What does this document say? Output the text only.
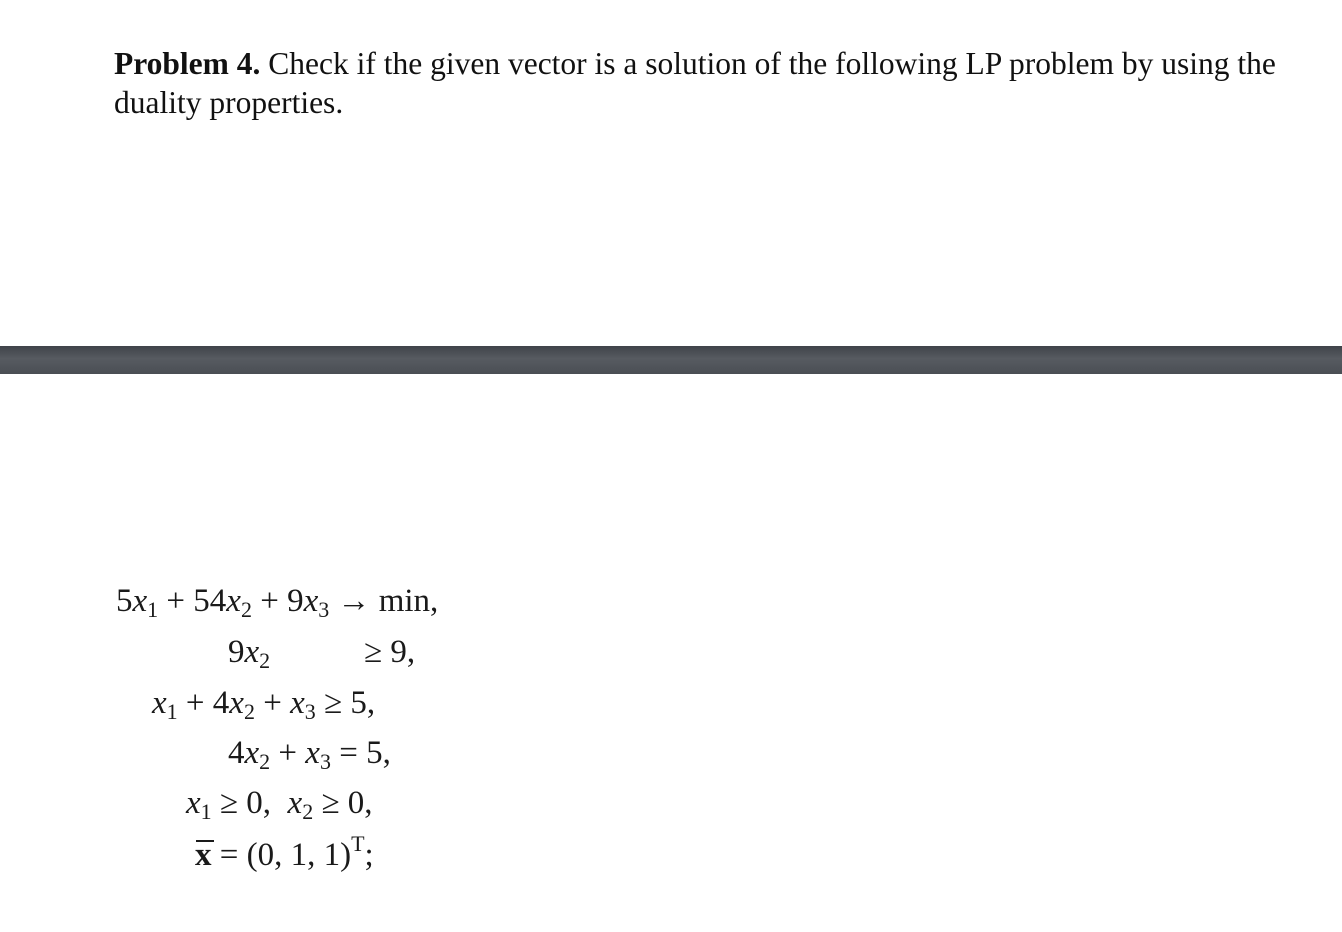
Problem 4. Check if the given vector is a solution of the following LP problem by using the duality properties.

$5x_1 + 54x_2 + 9x_3 \to \min$,
$9x_2$	≥ 9,
$x_1 + 4x_2 + x_3 \ge 5$,
$4x_2 + x_3 = 5$,
$x_1 \ge 0$, $x_2 \ge 0$,
x = (0, 1, 1)$^T$;
